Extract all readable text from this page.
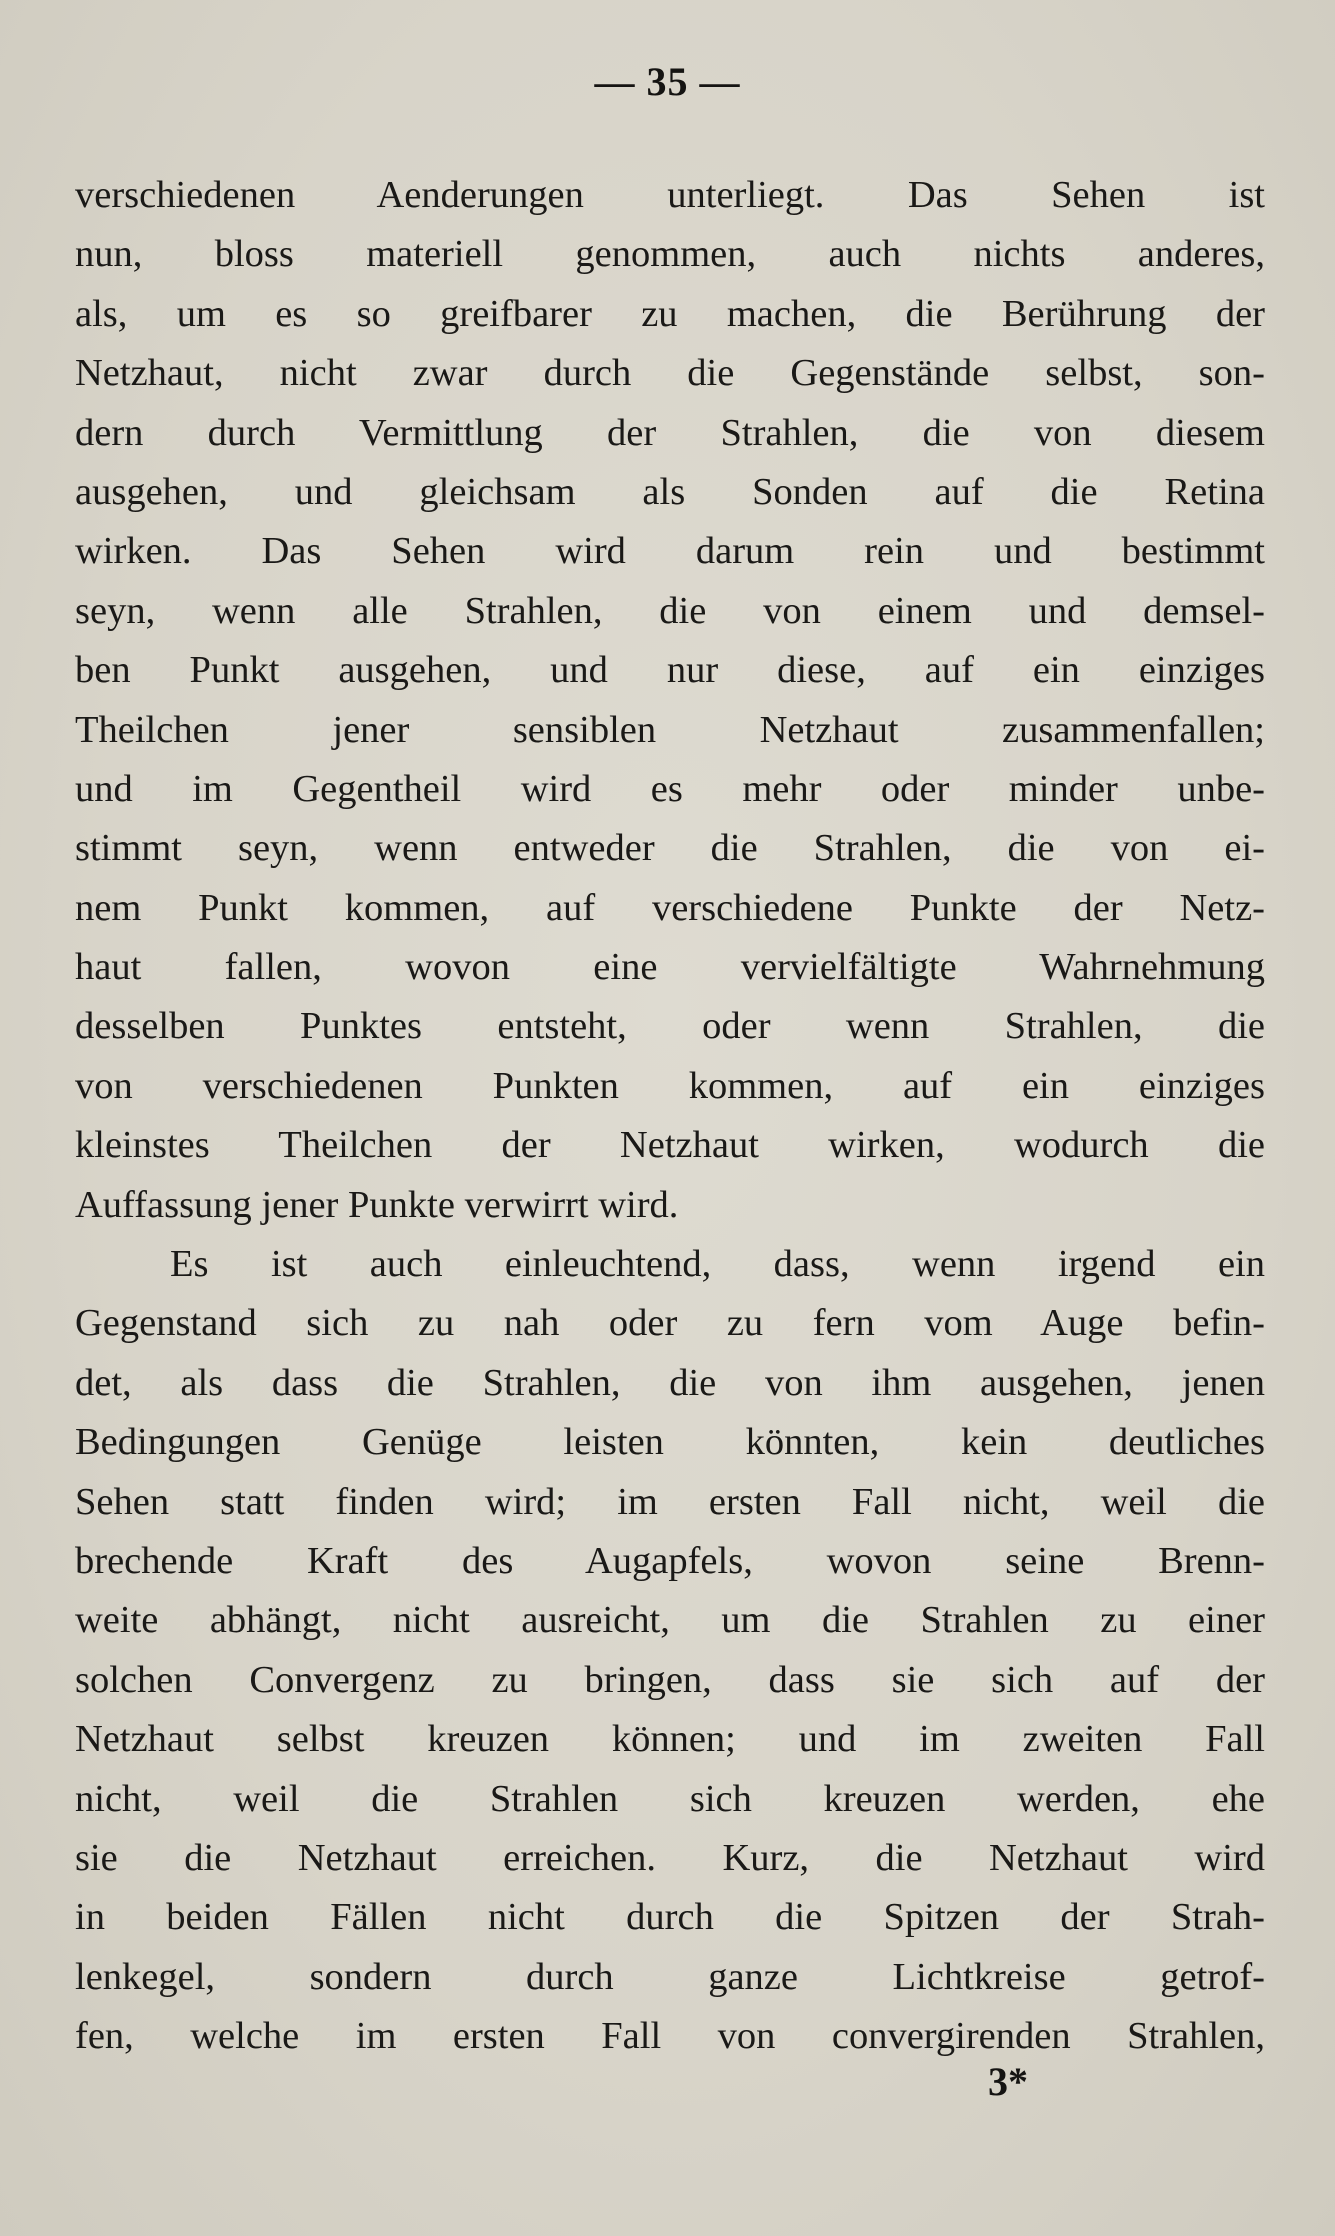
— 35 —
verschiedenen Aenderungen unterliegt. Das Sehen ist
nun, bloss materiell genommen, auch nichts anderes,
als, um es so greifbarer zu machen, die Berührung der
Netzhaut, nicht zwar durch die Gegenstände selbst, son-
dern durch Vermittlung der Strahlen, die von diesem
ausgehen, und gleichsam als Sonden auf die Retina
wirken. Das Sehen wird darum rein und bestimmt
seyn, wenn alle Strahlen, die von einem und demsel-
ben Punkt ausgehen, und nur diese, auf ein einziges
Theilchen jener sensiblen Netzhaut zusammenfallen;
und im Gegentheil wird es mehr oder minder unbe-
stimmt seyn, wenn entweder die Strahlen, die von ei-
nem Punkt kommen, auf verschiedene Punkte der Netz-
haut fallen, wovon eine vervielfältigte Wahrnehmung
desselben Punktes entsteht, oder wenn Strahlen, die
von verschiedenen Punkten kommen, auf ein einziges
kleinstes Theilchen der Netzhaut wirken, wodurch die
Auffassung jener Punkte verwirrt wird.
Es ist auch einleuchtend, dass, wenn irgend ein
Gegenstand sich zu nah oder zu fern vom Auge befin-
det, als dass die Strahlen, die von ihm ausgehen, jenen
Bedingungen Genüge leisten könnten, kein deutliches
Sehen statt finden wird; im ersten Fall nicht, weil die
brechende Kraft des Augapfels, wovon seine Brenn-
weite abhängt, nicht ausreicht, um die Strahlen zu einer
solchen Convergenz zu bringen, dass sie sich auf der
Netzhaut selbst kreuzen können; und im zweiten Fall
nicht, weil die Strahlen sich kreuzen werden, ehe
sie die Netzhaut erreichen. Kurz, die Netzhaut wird
in beiden Fällen nicht durch die Spitzen der Strah-
lenkegel, sondern durch ganze Lichtkreise getrof-
fen, welche im ersten Fall von convergirenden Strahlen,
3*
